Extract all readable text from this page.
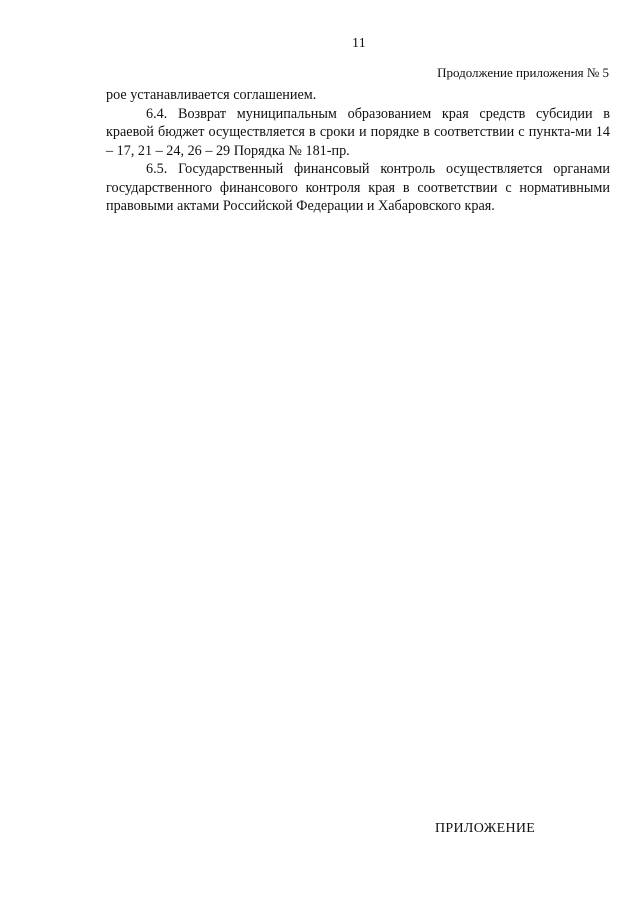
11
Продолжение приложения № 5

рое устанавливается соглашением.

6.4. Возврат муниципальным образованием края средств субсидии в краевой бюджет осуществляется в сроки и порядке в соответствии с пункта-ми 14 – 17, 21 – 24, 26 – 29 Порядка № 181-пр.

6.5. Государственный финансовый контроль осуществляется органами государственного финансового контроля края в соответствии с нормативными правовыми актами Российской Федерации и Хабаровского края.

ПРИЛОЖЕНИЕ
